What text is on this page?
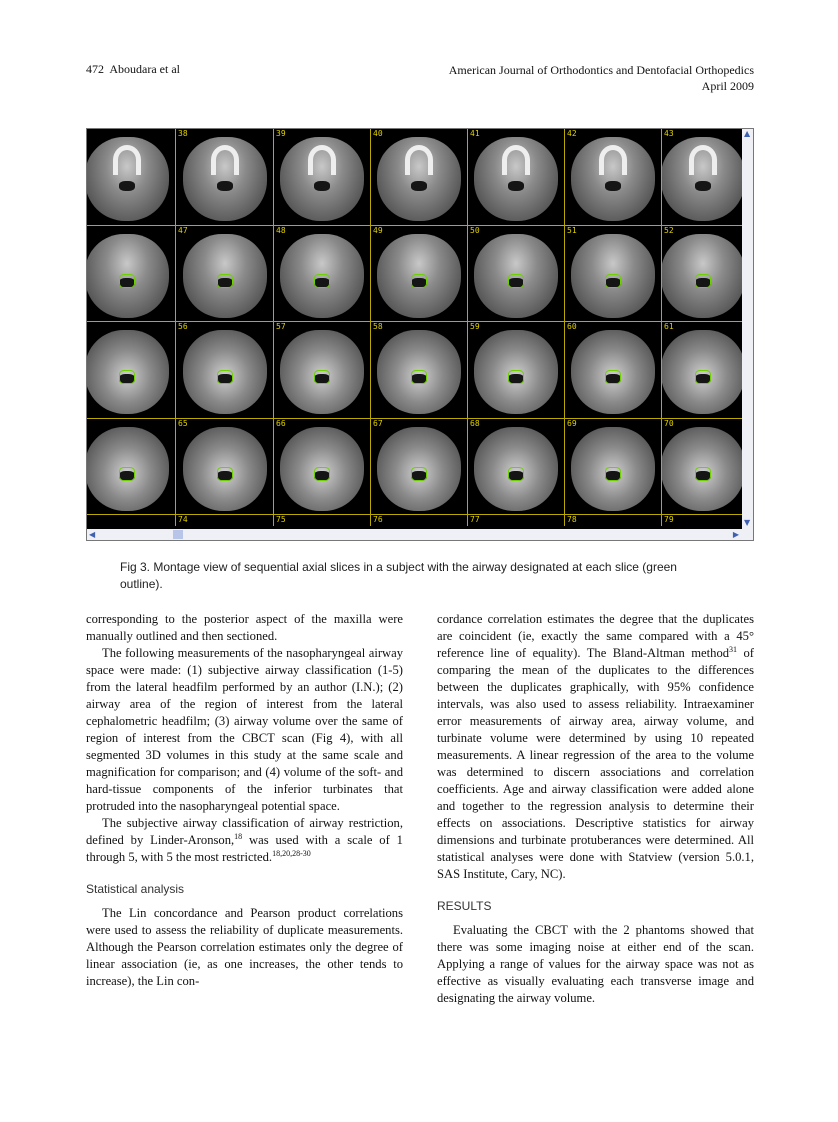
472  Aboudara et al	American Journal of Orthodontics and Dentofacial Orthopedics
April 2009
38	39	40	41	42	43
47	48	49	50	51	52
56	57	58	59	60	61
65	66	67	68	69	70
74	75	76	77	78	79
▲
▼
◀	▶
Fig 3. Montage view of sequential axial slices in a subject with the airway designated at each slice (green outline).

corresponding to the posterior aspect of the maxilla were manually outlined and then sectioned.

The following measurements of the nasopharyngeal airway space were made: (1) subjective airway classification (1-5) from the lateral headfilm performed by an author (I.N.); (2) airway area of the region of interest from the lateral cephalometric headfilm; (3) airway volume over the same of region of interest from the CBCT scan (Fig 4), with all segmented 3D volumes in this study at the same scale and magnification for comparison; and (4) volume of the soft- and hard-tissue components of the inferior turbinates that protruded into the nasopharyngeal potential space.

The subjective airway classification of airway restriction, defined by Linder-Aronson,$^{18}$ was used with a scale of 1 through 5, with 5 the most restricted.$^{18,20,28-30}$

Statistical analysis

The Lin concordance and Pearson product correlations were used to assess the reliability of duplicate measurements. Although the Pearson correlation estimates only the degree of linear association (ie, as one increases, the other tends to increase), the Lin con-

cordance correlation estimates the degree that the duplicates are coincident (ie, exactly the same compared with a 45° reference line of equality). The Bland-Altman method$^{31}$ of comparing the mean of the duplicates to the differences between the duplicates graphically, with 95% confidence intervals, was also used to assess reliability. Intraexaminer error measurements of airway area, airway volume, and turbinate volume were determined by using 10 repeated measurements. A linear regression of the area to the volume was determined to discern associations and correlation coefficients. Age and airway classification were added alone and together to the regression analysis to determine their effects on associations. Descriptive statistics for airway dimensions and turbinate protuberances were determined. All statistical analyses were done with Statview (version 5.0.1, SAS Institute, Cary, NC).

RESULTS

Evaluating the CBCT with the 2 phantoms showed that there was some imaging noise at either end of the scan. Applying a range of values for the airway space was not as effective as visually evaluating each transverse image and designating the airway volume.
